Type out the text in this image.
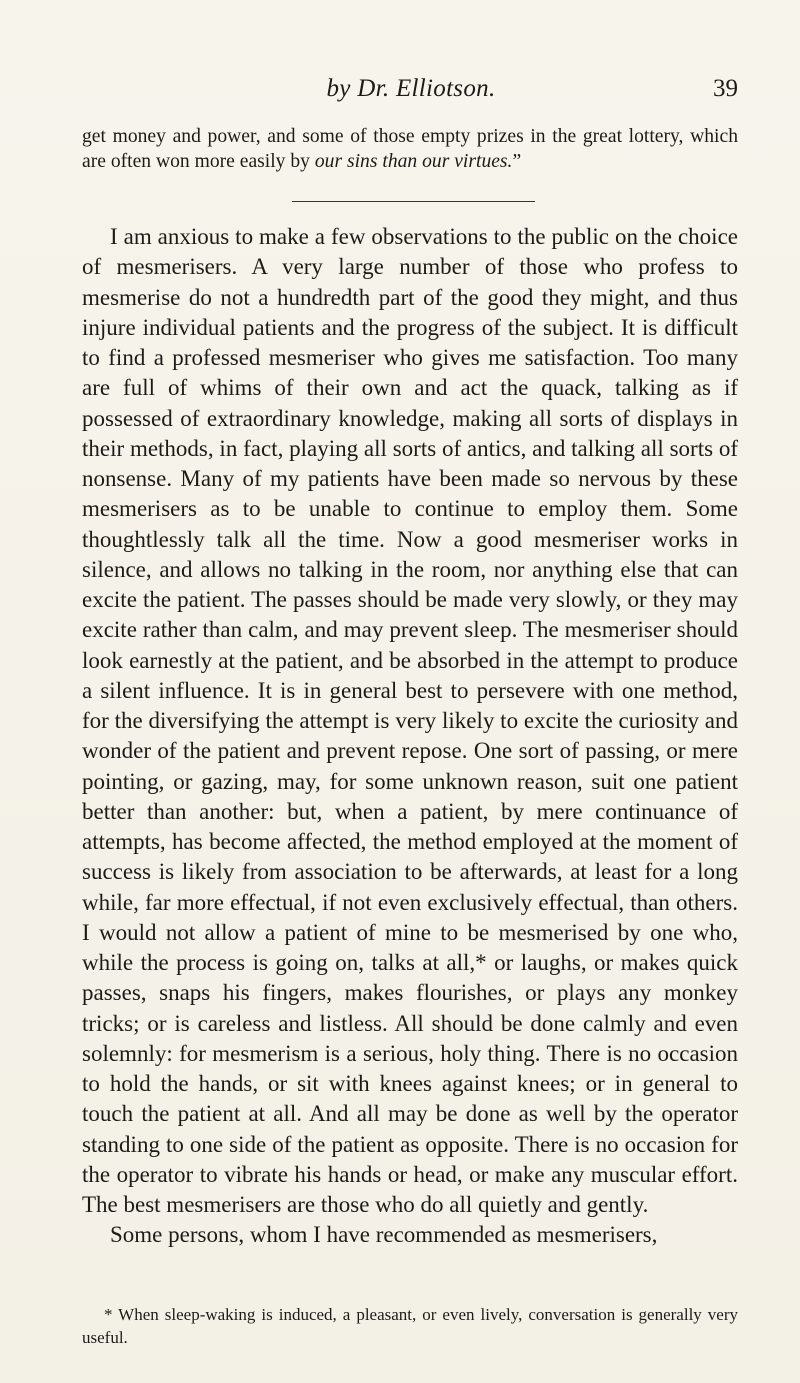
by Dr. Elliotson.	39

get money and power, and some of those empty prizes in the great lottery, which are often won more easily by our sins than our virtues.”

I am anxious to make a few observations to the public on the choice of mesmerisers. A very large number of those who profess to mesmerise do not a hundredth part of the good they might, and thus injure individual patients and the progress of the subject. It is difficult to find a professed mesmeriser who gives me satisfaction. Too many are full of whims of their own and act the quack, talking as if possessed of extraordinary knowledge, making all sorts of displays in their methods, in fact, playing all sorts of antics, and talking all sorts of nonsense. Many of my patients have been made so nervous by these mesmerisers as to be unable to continue to employ them. Some thoughtlessly talk all the time. Now a good mesmeriser works in silence, and allows no talking in the room, nor anything else that can excite the patient. The passes should be made very slowly, or they may excite rather than calm, and may prevent sleep. The mesmeriser should look earnestly at the patient, and be absorbed in the attempt to produce a silent influence. It is in general best to persevere with one method, for the diversifying the attempt is very likely to excite the curiosity and wonder of the patient and prevent repose. One sort of passing, or mere pointing, or gazing, may, for some unknown reason, suit one patient better than another: but, when a patient, by mere continuance of attempts, has become affected, the method employed at the moment of success is likely from association to be afterwards, at least for a long while, far more effectual, if not even exclusively effectual, than others. I would not allow a patient of mine to be mesmerised by one who, while the process is going on, talks at all,* or laughs, or makes quick passes, snaps his fingers, makes flourishes, or plays any monkey tricks; or is careless and listless. All should be done calmly and even solemnly: for mesmerism is a serious, holy thing. There is no occasion to hold the hands, or sit with knees against knees; or in general to touch the patient at all. And all may be done as well by the operator standing to one side of the patient as opposite. There is no occasion for the operator to vibrate his hands or head, or make any muscular effort. The best mesmerisers are those who do all quietly and gently.

Some persons, whom I have recommended as mesmerisers,

* When sleep-waking is induced, a pleasant, or even lively, conversation is generally very useful.
